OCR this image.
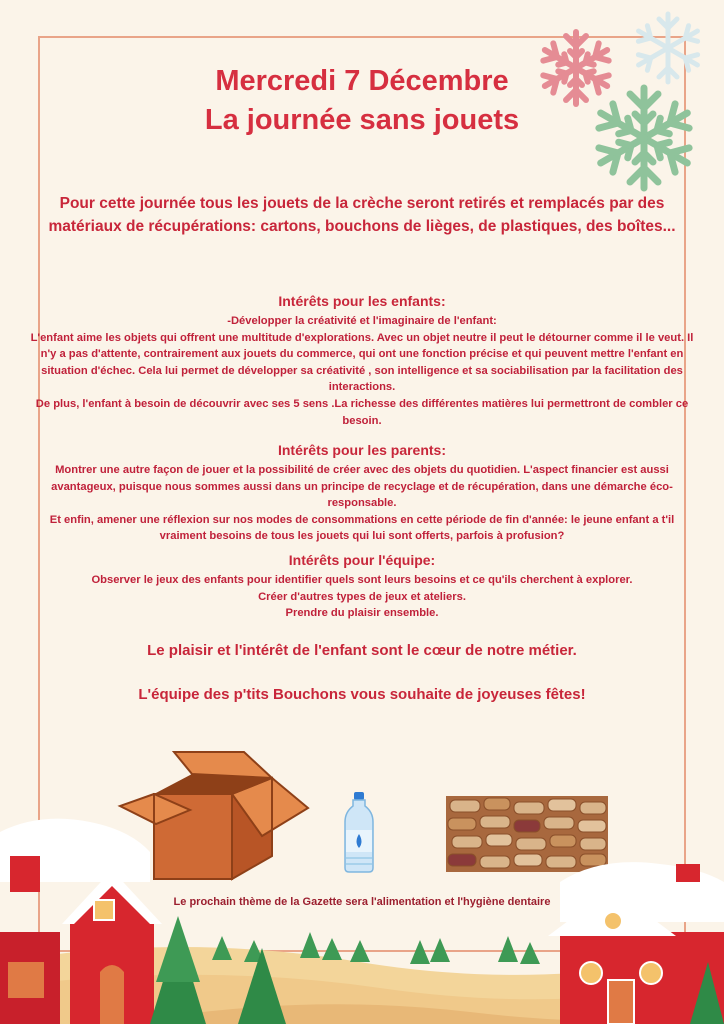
Mercredi 7 Décembre
La journée sans jouets
Pour cette journée tous les jouets de la crèche seront retirés et remplacés par des matériaux de récupérations: cartons, bouchons de lièges, de plastiques, des boîtes...
Intérêts pour les enfants:

-Développer la créativité et l'imaginaire de l'enfant:

L'enfant aime les objets qui offrent une multitude d'explorations. Avec un objet neutre il peut le détourner comme il le veut. Il n'y a pas d'attente, contrairement aux jouets du commerce, qui ont une fonction précise et qui peuvent mettre l'enfant en situation d'échec. Cela lui permet de développer sa créativité , son intelligence et sa sociabilisation par la facilitation des interactions.

De plus, l'enfant à besoin de découvrir avec ses 5 sens .La richesse des différentes matières lui permettront de combler ce besoin.

Intérêts pour les parents:

Montrer une autre façon de jouer et la possibilité de créer avec des objets du quotidien. L'aspect financier est aussi avantageux, puisque nous sommes aussi dans un principe de recyclage et de récupération, dans une démarche éco-responsable.

Et enfin, amener une réflexion sur nos modes de consommations en cette période de fin d'année: le jeune enfant a t'il vraiment besoins de tous les jouets qui lui sont offerts, parfois à profusion?

Intérêts pour l'équipe:

Observer le jeux des enfants pour identifier quels sont leurs besoins et ce qu'ils cherchent à explorer.

Créer d'autres types de jeux et ateliers.

Prendre du plaisir ensemble.

Le plaisir et l'intérêt de l'enfant sont le cœur de notre métier.
L'équipe des p'tits Bouchons vous souhaite de joyeuses fêtes!
Le prochain thème de la Gazette sera l'alimentation et l'hygiène dentaire
